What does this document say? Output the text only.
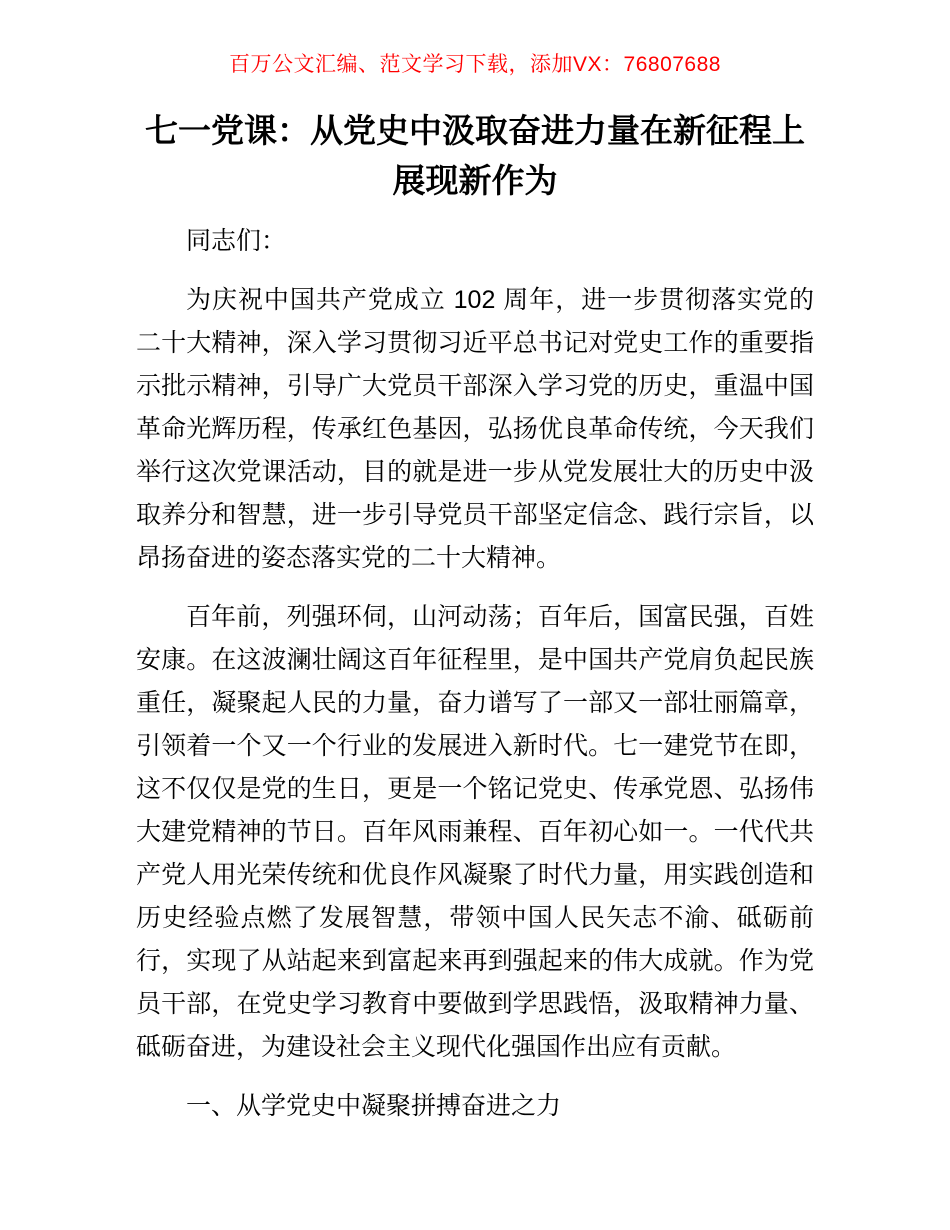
百万公文汇编、范文学习下载，添加VX：76807688
七一党课：从党史中汲取奋进力量在新征程上展现新作为

同志们：

为庆祝中国共产党成立 102 周年，进一步贯彻落实党的二十大精神，深入学习贯彻习近平总书记对党史工作的重要指示批示精神，引导广大党员干部深入学习党的历史，重温中国革命光辉历程，传承红色基因，弘扬优良革命传统，今天我们举行这次党课活动，目的就是进一步从党发展壮大的历史中汲取养分和智慧，进一步引导党员干部坚定信念、践行宗旨，以昂扬奋进的姿态落实党的二十大精神。

百年前，列强环伺，山河动荡；百年后，国富民强，百姓安康。在这波澜壮阔这百年征程里，是中国共产党肩负起民族重任，凝聚起人民的力量，奋力谱写了一部又一部壮丽篇章，引领着一个又一个行业的发展进入新时代。七一建党节在即，这不仅仅是党的生日，更是一个铭记党史、传承党恩、弘扬伟大建党精神的节日。百年风雨兼程、百年初心如一。一代代共产党人用光荣传统和优良作风凝聚了时代力量，用实践创造和历史经验点燃了发展智慧，带领中国人民矢志不渝、砥砺前行，实现了从站起来到富起来再到强起来的伟大成就。作为党员干部，在党史学习教育中要做到学思践悟，汲取精神力量、砥砺奋进，为建设社会主义现代化强国作出应有贡献。

一、从学党史中凝聚拼搏奋进之力
